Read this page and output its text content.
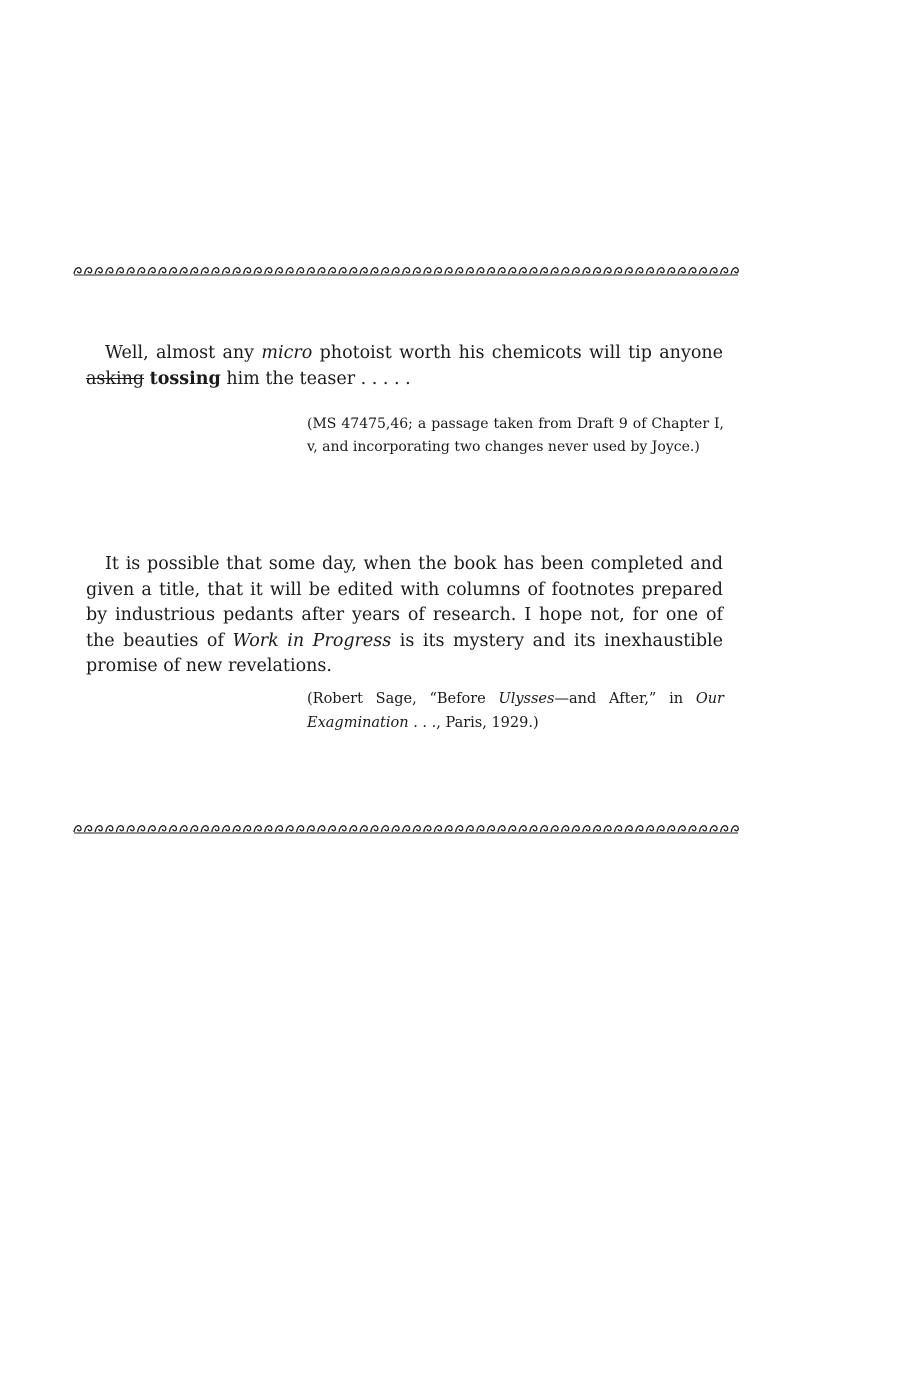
Well, almost any micro photoist worth his chemicots will tip anyone asking tossing him the teaser . . . . .

(MS 47475,46; a passage taken from Draft 9 of Chapter I, v, and incorporating two changes never used by Joyce.)

It is possible that some day, when the book has been completed and given a title, that it will be edited with columns of footnotes prepared by industrious pedants after years of research. I hope not, for one of the beauties of Work in Progress is its mystery and its inexhaustible promise of new revelations.

(Robert Sage, “Before Ulysses—and After,” in Our Exagmination . . ., Paris, 1929.)
